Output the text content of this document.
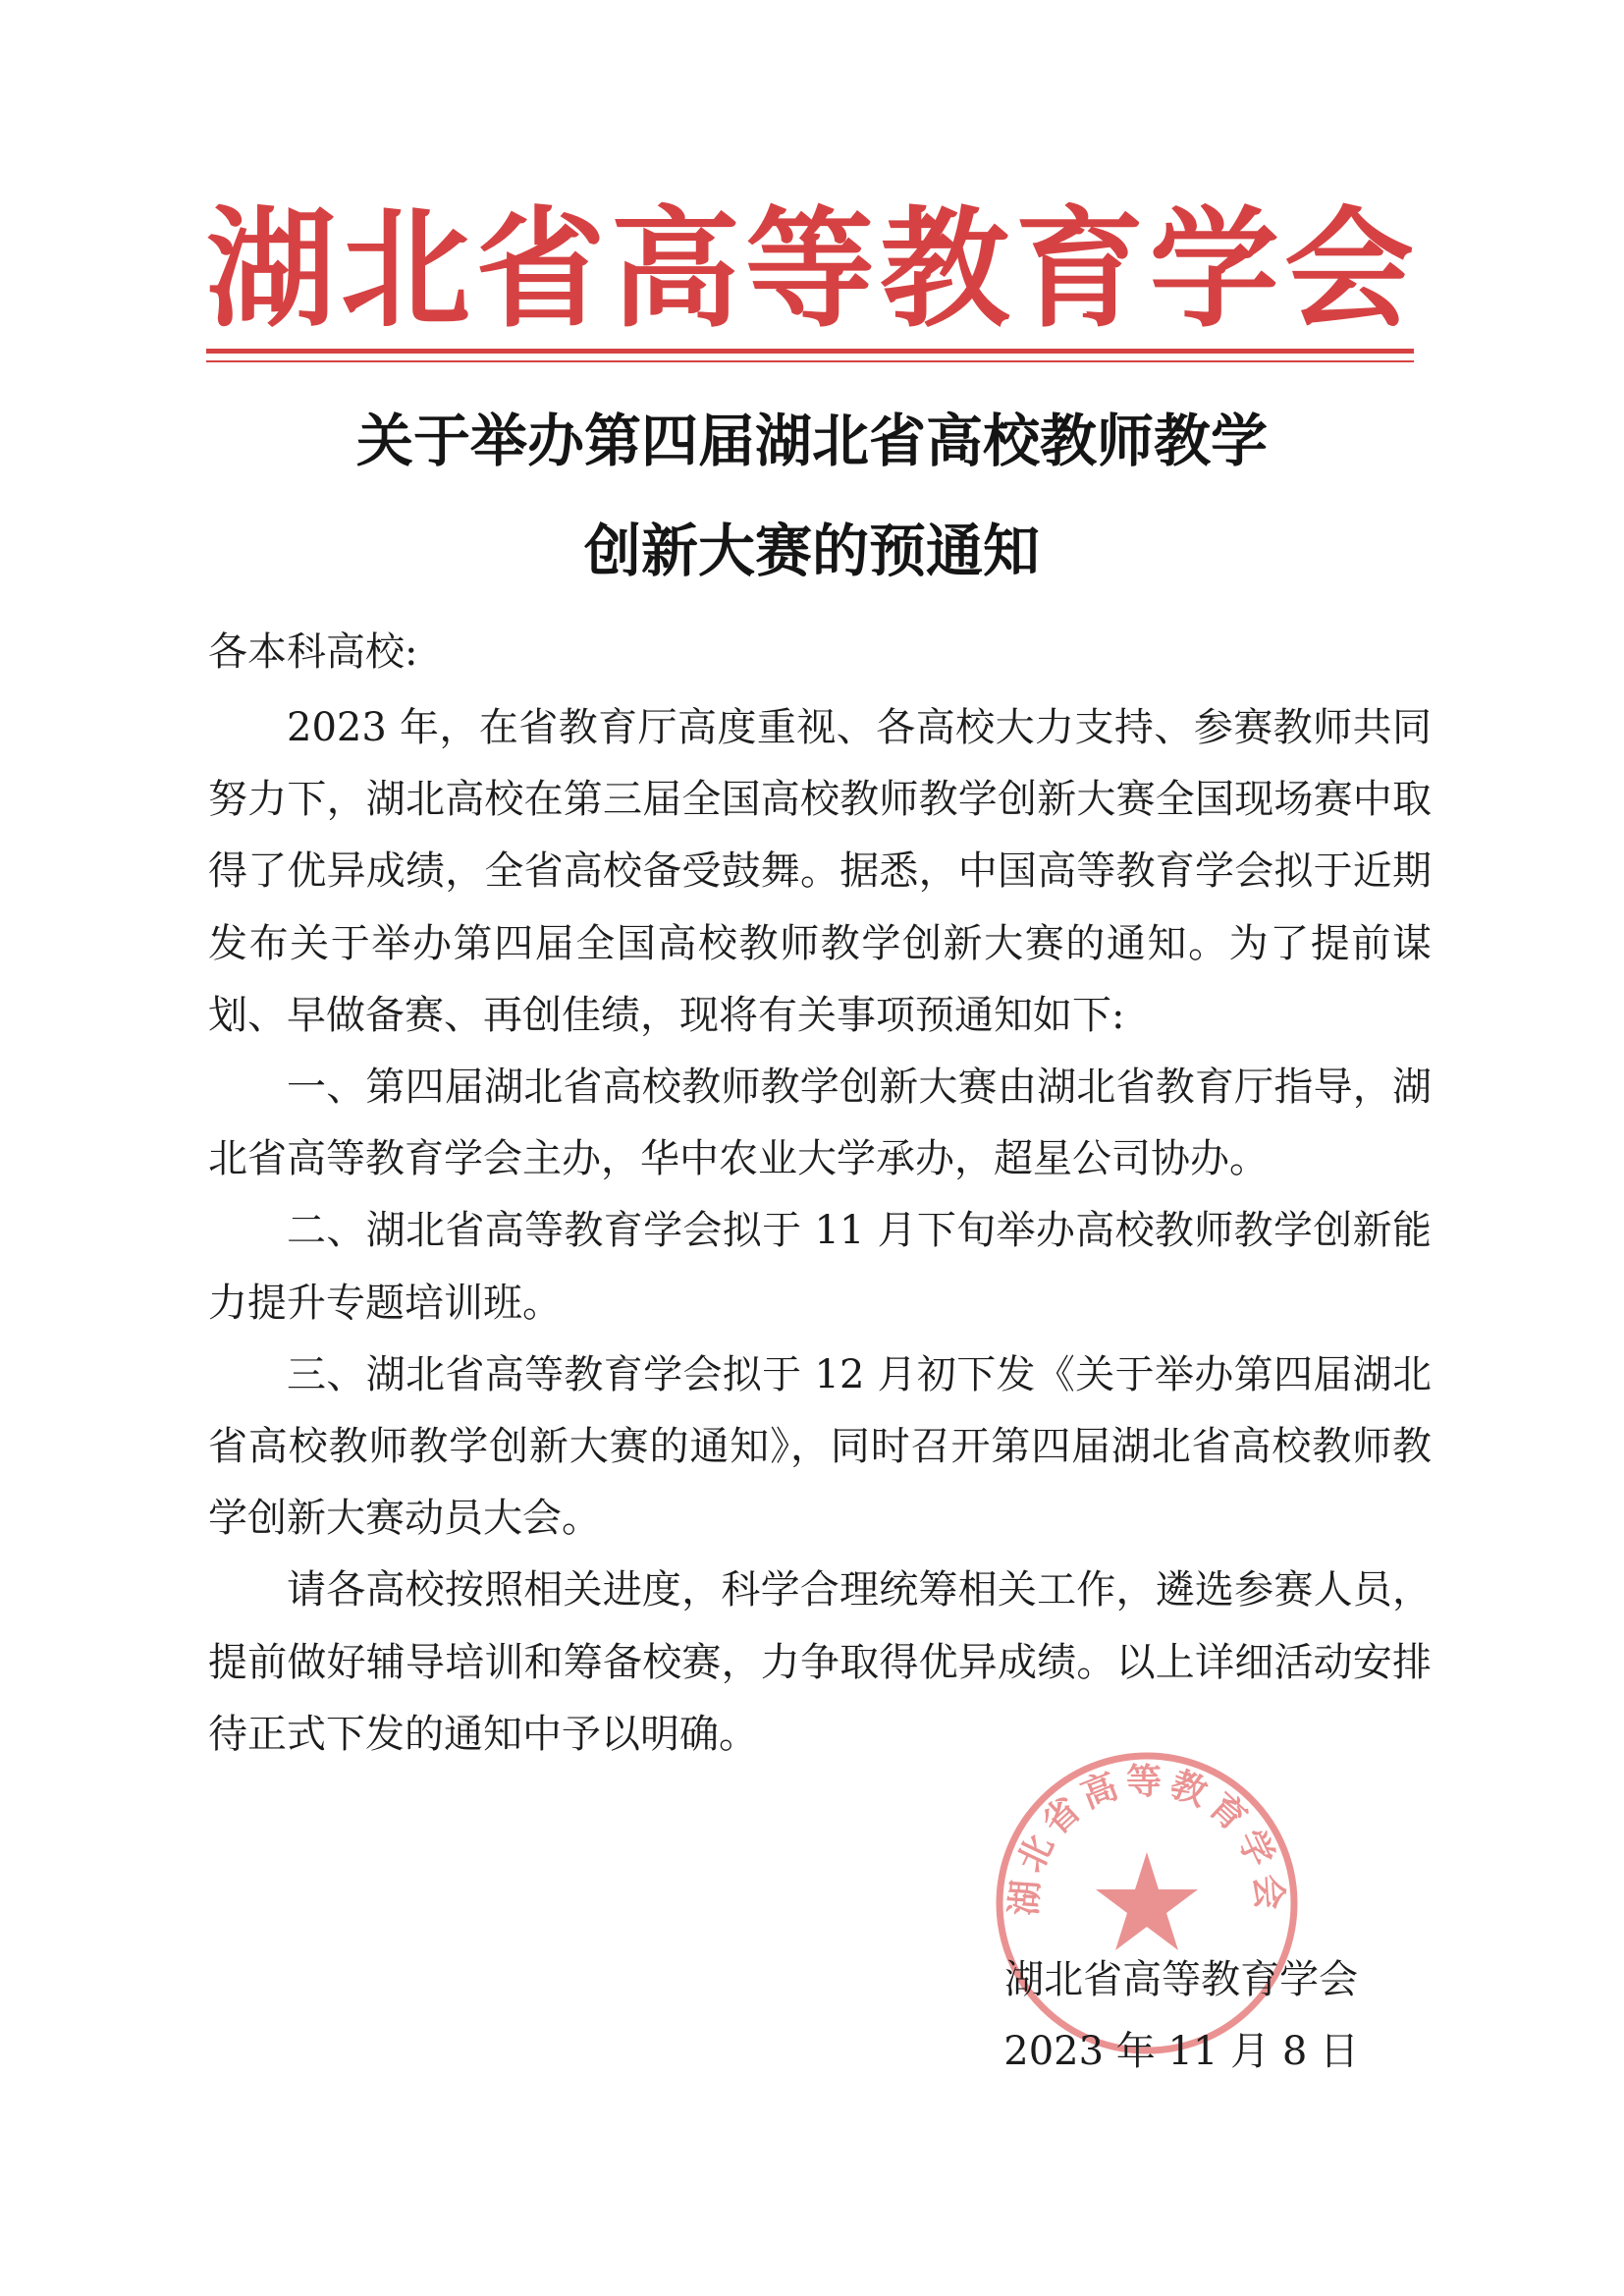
湖 北 省 高 等 教 育 学 会
关于举办第四届湖北省高校教师教学
创新大赛的预通知
各本科高校:

2023 年，在省教育厅高度重视、各高校大力支持、参赛教师共同努力下，湖北高校在第三届全国高校教师教学创新大赛全国现场赛中取得了优异成绩，全省高校备受鼓舞。据悉，中国高等教育学会拟于近期发布关于举办第四届全国高校教师教学创新大赛的通知。为了提前谋划、早做备赛、再创佳绩，现将有关事项预通知如下:

一、第四届湖北省高校教师教学创新大赛由湖北省教育厅指导，湖北省高等教育学会主办，华中农业大学承办，超星公司协办。

二、湖北省高等教育学会拟于 11 月下旬举办高校教师教学创新能力提升专题培训班。

三、湖北省高等教育学会拟于 12 月初下发《关于举办第四届湖北省高校教师教学创新大赛的通知》，同时召开第四届湖北省高校教师教学创新大赛动员大会。

请各高校按照相关进度，科学合理统筹相关工作，遴选参赛人员，提前做好辅导培训和筹备校赛，力争取得优异成绩。以上详细活动安排待正式下发的通知中予以明确。

湖北省高等教育学会
湖北省高等教育学会
2023 年 11 月 8 日
